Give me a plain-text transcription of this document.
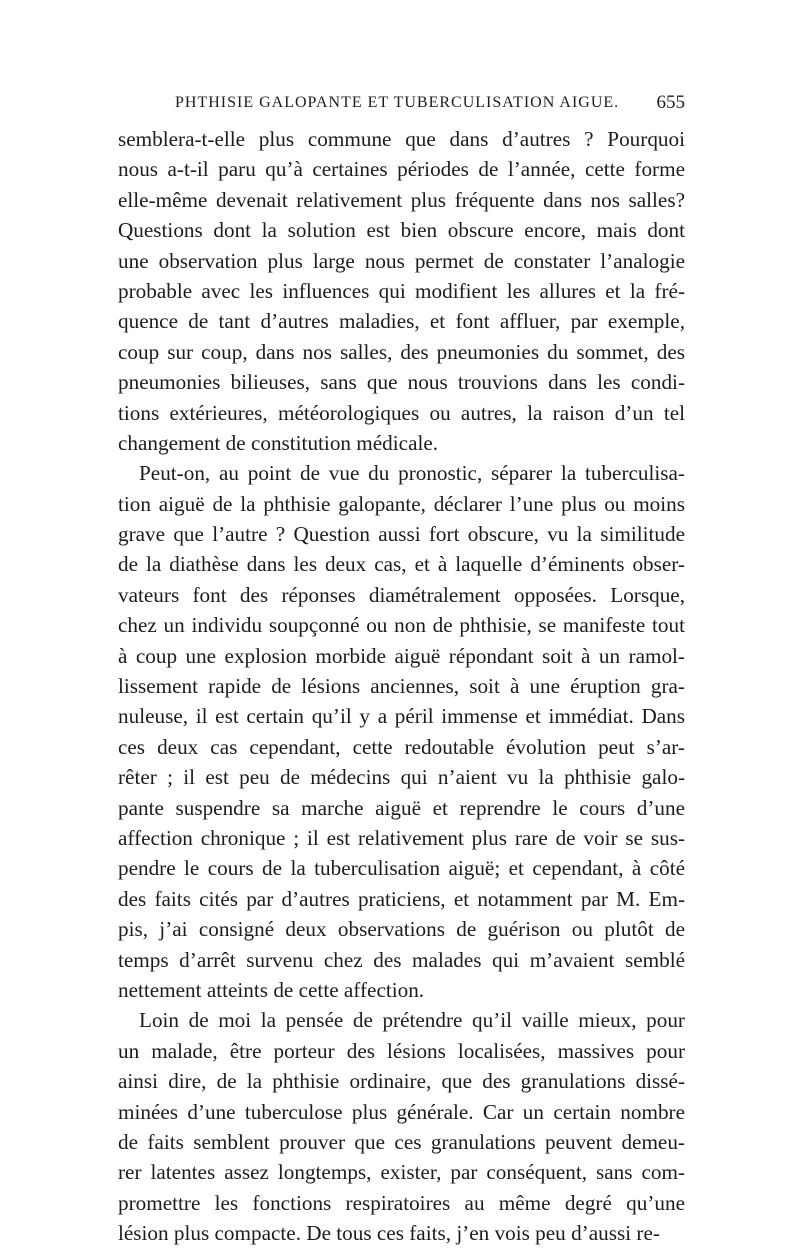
PHTHISIE GALOPANTE ET TUBERCULISATION AIGUE. 655
semblera-t-elle plus commune que dans d’autres ? Pourquoi
nous a-t-il paru qu’à certaines périodes de l’année, cette forme
elle-même devenait relativement plus fréquente dans nos salles?
Questions dont la solution est bien obscure encore, mais dont
une observation plus large nous permet de constater l’analogie
probable avec les influences qui modifient les allures et la fré-
quence de tant d’autres maladies, et font affluer, par exemple,
coup sur coup, dans nos salles, des pneumonies du sommet, des
pneumonies bilieuses, sans que nous trouvions dans les condi-
tions extérieures, météorologiques ou autres, la raison d’un tel
changement de constitution médicale.
Peut-on, au point de vue du pronostic, séparer la tuberculisa-
tion aiguë de la phthisie galopante, déclarer l’une plus ou moins
grave que l’autre ? Question aussi fort obscure, vu la similitude
de la diathèse dans les deux cas, et à laquelle d’éminents obser-
vateurs font des réponses diamétralement opposées. Lorsque,
chez un individu soupçonné ou non de phthisie, se manifeste tout
à coup une explosion morbide aiguë répondant soit à un ramol-
lissement rapide de lésions anciennes, soit à une éruption gra-
nuleuse, il est certain qu’il y a péril immense et immédiat. Dans
ces deux cas cependant, cette redoutable évolution peut s’ar-
rêter ; il est peu de médecins qui n’aient vu la phthisie galo-
pante suspendre sa marche aiguë et reprendre le cours d’une
affection chronique ; il est relativement plus rare de voir se sus-
pendre le cours de la tuberculisation aiguë; et cependant, à côté
des faits cités par d’autres praticiens, et notamment par M. Em-
pis, j’ai consigné deux observations de guérison ou plutôt de
temps d’arrêt survenu chez des malades qui m’avaient semblé
nettement atteints de cette affection.
Loin de moi la pensée de prétendre qu’il vaille mieux, pour
un malade, être porteur des lésions localisées, massives pour
ainsi dire, de la phthisie ordinaire, que des granulations dissé-
minées d’une tuberculose plus générale. Car un certain nombre
de faits semblent prouver que ces granulations peuvent demeu-
rer latentes assez longtemps, exister, par conséquent, sans com-
promettre les fonctions respiratoires au même degré qu’une
lésion plus compacte. De tous ces faits, j’en vois peu d’aussi re-
